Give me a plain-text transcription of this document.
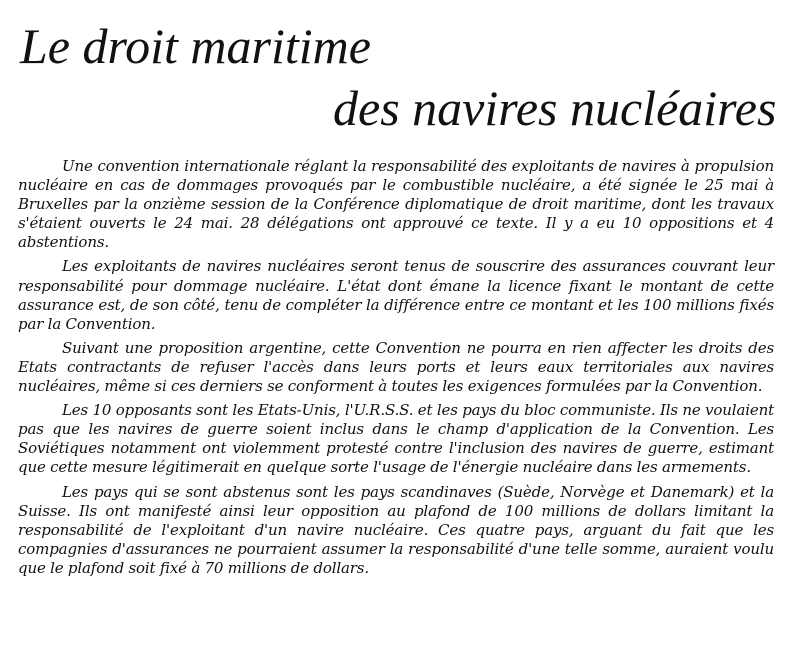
Le droit maritime
des navires nucléaires

Une convention internationale réglant la responsabilité des exploitants de navires à propulsion nucléaire en cas de dommages provoqués par le combustible nucléaire, a été signée le 25 mai à Bruxelles par la onzième session de la Conférence diplomatique de droit maritime, dont les travaux s'étaient ouverts le 24 mai. 28 délégations ont approuvé ce texte. Il y a eu 10 oppositions et 4 abstentions.

Les exploitants de navires nucléaires seront tenus de souscrire des assurances couvrant leur responsabilité pour dommage nucléaire. L'état dont émane la licence fixant le montant de cette assurance est, de son côté, tenu de compléter la différence entre ce montant et les 100 millions fixés par la Convention.

Suivant une proposition argentine, cette Convention ne pourra en rien affecter les droits des Etats contractants de refuser l'accès dans leurs ports et leurs eaux territoriales aux navires nucléaires, même si ces derniers se conforment à toutes les exigences formulées par la Convention.

Les 10 opposants sont les Etats-Unis, l'U.R.S.S. et les pays du bloc communiste. Ils ne voulaient pas que les navires de guerre soient inclus dans le champ d'application de la Convention. Les Soviétiques notamment ont violemment protesté contre l'inclusion des navires de guerre, estimant que cette mesure légitimerait en quelque sorte l'usage de l'énergie nucléaire dans les armements.

Les pays qui se sont abstenus sont les pays scandinaves (Suède, Norvège et Danemark) et la Suisse. Ils ont manifesté ainsi leur opposition au plafond de 100 millions de dollars limitant la responsabilité de l'exploitant d'un navire nucléaire. Ces quatre pays, arguant du fait que les compagnies d'assurances ne pourraient assumer la responsabilité d'une telle somme, auraient voulu que le plafond soit fixé à 70 millions de dollars.
